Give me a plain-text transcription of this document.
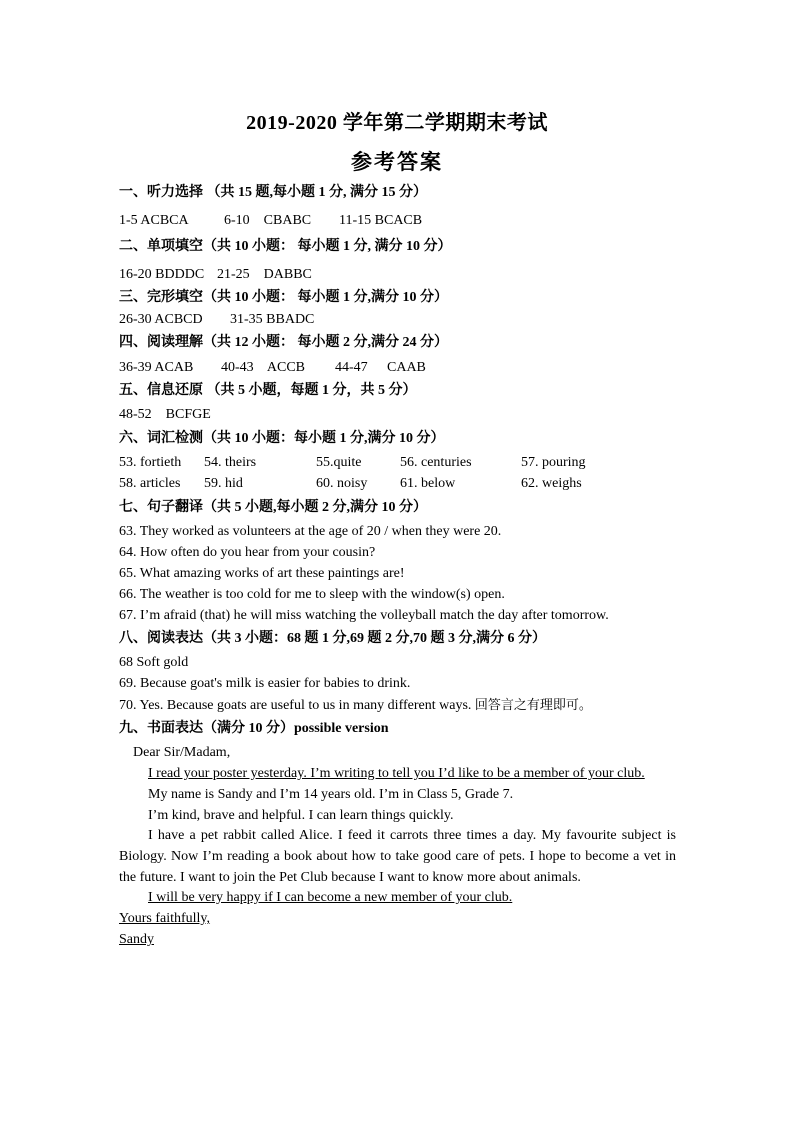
2019-2020 学年第二学期期末考试
参考答案
一、听力选择 （共 15 题,每小题 1 分, 满分 15 分）
1-5 ACBCA	6-10    CBABC 11-15 BCACB
二、单项填空（共 10 小题： 每小题 1 分, 满分 10 分）
16-20 BDDDC 21-25    DABBC
三、完形填空（共 10 小题： 每小题 1 分,满分 10 分）
26-30 ACBCD 31-35 BBADC
四、阅读理解（共 12 小题： 每小题 2 分,满分 24 分）
36-39 ACAB 40-43    ACCB 44-47 CAAB
五、信息还原 （共 5 小题，每题 1 分，共 5 分）
48-52    BCFGE
六、词汇检测（共 10 小题：每小题 1 分,满分 10 分）
53. fortieth 54. theirs	55.quite	56. centuries	57. pouring
58. articles 59. hid	60. noisy 61. below	62. weighs
七、句子翻译（共 5 小题,每小题 2 分,满分 10 分）
63. They worked as volunteers at the age of 20 / when they were 20.
64. How often do you hear from your cousin?
65. What amazing works of art these paintings are!
66. The weather is too cold for me to sleep with the window(s) open.
67. I’m afraid (that) he will miss watching the volleyball match the day after tomorrow.
八、阅读表达（共 3 小题：68 题 1 分,69 题 2 分,70 题 3 分,满分 6 分）
68 Soft gold
69. Because goat's milk is easier for babies to drink.
70. Yes. Because goats are useful to us in many different ways. 回答言之有理即可。
九、书面表达（满分 10 分）possible version
Dear Sir/Madam,
I read your poster yesterday. I’m writing to tell you I’d like to be a member of your club.
My name is Sandy and I’m 14 years old. I’m in Class 5, Grade 7.
I’m kind, brave and helpful. I can learn things quickly.
I have a pet rabbit called Alice. I feed it carrots three times a day. My favourite subject is Biology. Now I’m reading a book about how to take good care of pets. I hope to become a vet in the future. I want to join the Pet Club because I want to know more about animals.
I will be very happy if I can become a new member of your club.
Yours faithfully,
Sandy
